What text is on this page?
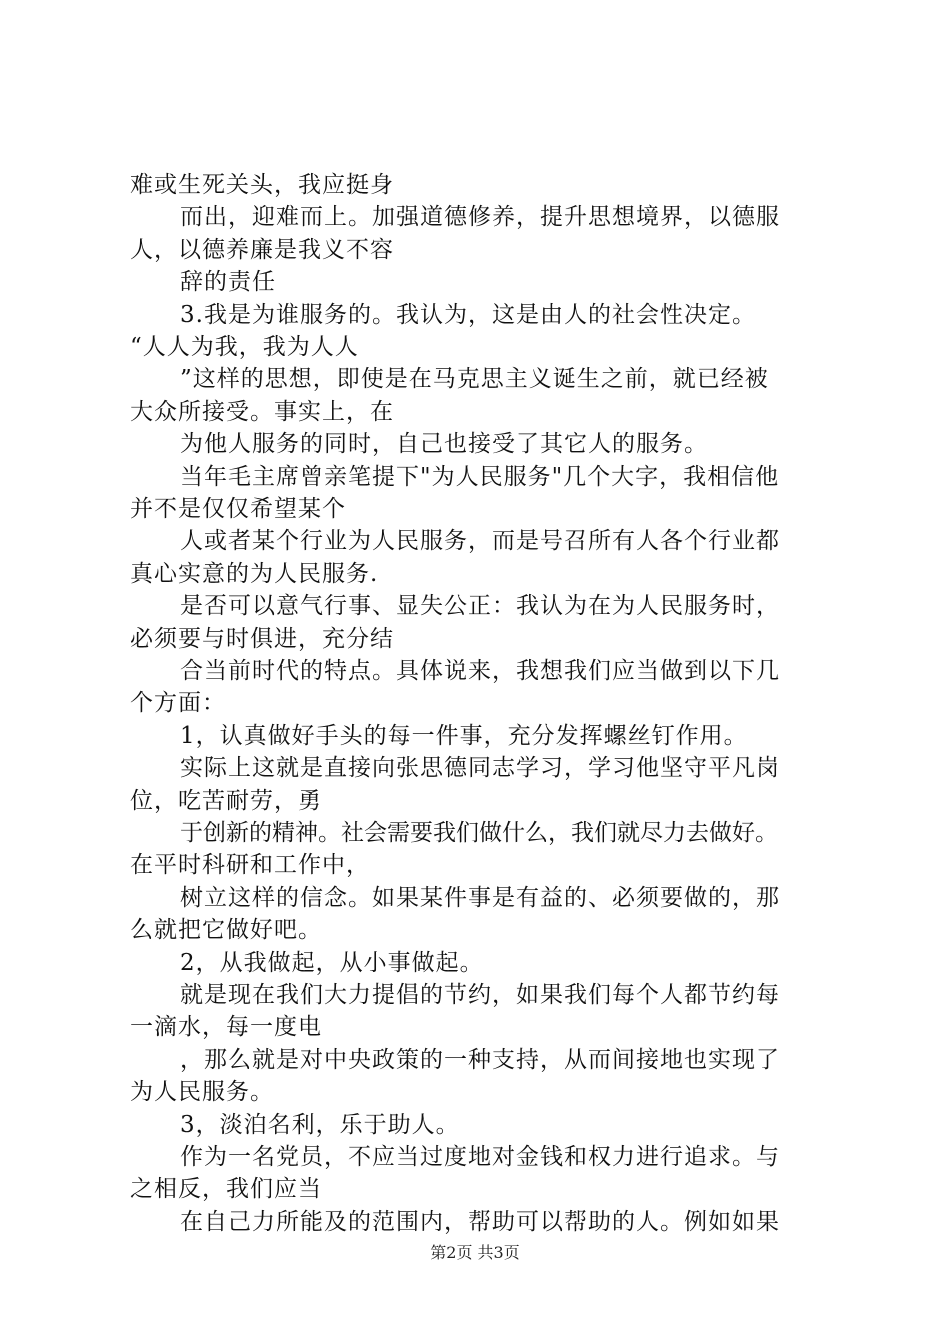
难或生死关头，我应挺身
而出，迎难而上。加强道德修养，提升思想境界，以德服
人，以德养廉是我义不容
辞的责任
3.我是为谁服务的。我认为，这是由人的社会性决定。
“人人为我，我为人人
”这样的思想，即使是在马克思主义诞生之前，就已经被
大众所接受。事实上，在
为他人服务的同时，自己也接受了其它人的服务。
当年毛主席曾亲笔提下"为人民服务"几个大字，我相信他
并不是仅仅希望某个
人或者某个行业为人民服务，而是号召所有人各个行业都
真心实意的为人民服务.
是否可以意气行事、显失公正：我认为在为人民服务时，
必须要与时俱进，充分结
合当前时代的特点。具体说来，我想我们应当做到以下几
个方面：
1，认真做好手头的每一件事，充分发挥螺丝钉作用。
实际上这就是直接向张思德同志学习，学习他坚守平凡岗
位，吃苦耐劳，勇
于创新的精神。社会需要我们做什么，我们就尽力去做好。
在平时科研和工作中，
树立这样的信念。如果某件事是有益的、必须要做的，那
么就把它做好吧。
2，从我做起，从小事做起。
就是现在我们大力提倡的节约，如果我们每个人都节约每
一滴水，每一度电
，那么就是对中央政策的一种支持，从而间接地也实现了
为人民服务。
3，淡泊名利，乐于助人。
作为一名党员，不应当过度地对金钱和权力进行追求。与
之相反，我们应当
在自己力所能及的范围内，帮助可以帮助的人。例如如果
第2页 共3页
